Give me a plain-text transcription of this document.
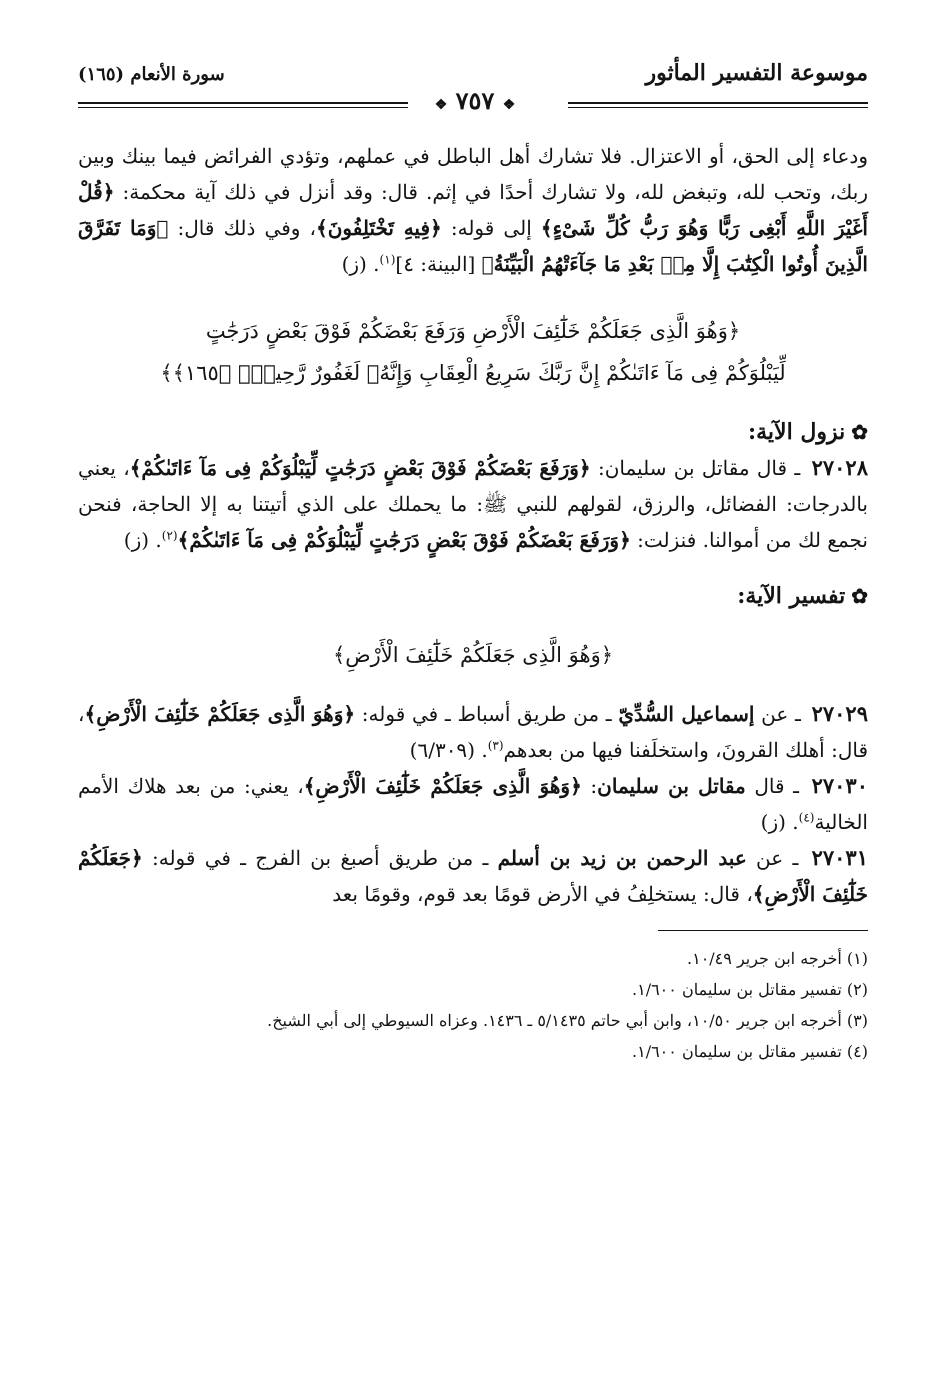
موسوعة التفسير المأثور
سورة الأنعام (١٦٥)
❖ ٧٥٧ ❖

ودعاء إلى الحق، أو الاعتزال. فلا تشارك أهل الباطل في عملهم، وتؤدي الفرائض فيما بينك وبين ربك، وتحب لله، وتبغض لله، ولا تشارك أحدًا في إثم. قال: وقد أنزل في ذلك آية محكمة: ﴿قُلْ أَغَيْرَ اللَّهِ أَبْغِى رَبًّا وَهُوَ رَبُّ كُلِّ شَىْءٍ﴾ إلى قوله: ﴿فِيهِ تَخْتَلِفُونَ﴾، وفي ذلك قال: ﴿وَمَا تَفَرَّقَ الَّذِينَ أُوتُوا الْكِتَٰبَ إِلَّا مِنۢ بَعْدِ مَا جَآءَتْهُمُ الْبَيِّنَةُ﴾ [البينة: ٤]$^{(١)}$. (ز)

﴿وَهُوَ الَّذِى جَعَلَكُمْ خَلَٰٓئِفَ الْأَرْضِ وَرَفَعَ بَعْضَكُمْ فَوْقَ بَعْضٍ دَرَجَٰتٍ
لِّيَبْلُوَكُمْ فِى مَآ ءَاتَىٰكُمْ إِنَّ رَبَّكَ سَرِيعُ الْعِقَابِ وَإِنَّهُۥ لَغَفُورٌ رَّحِيمٌۢ ﴿١٦٥﴾﴾
✿نزول الآية:

٢٧٠٢٨ ـ قال مقاتل بن سليمان: ﴿وَرَفَعَ بَعْضَكُمْ فَوْقَ بَعْضٍ دَرَجَٰتٍ لِّيَبْلُوَكُمْ فِى مَآ ءَاتَىٰكُمْ﴾، يعني بالدرجات: الفضائل، والرزق، لقولهم للنبي ﷺ: ما يحملك على الذي أتيتنا به إلا الحاجة، فنحن نجمع لك من أموالنا. فنزلت: ﴿وَرَفَعَ بَعْضَكُمْ فَوْقَ بَعْضٍ دَرَجَٰتٍ لِّيَبْلُوَكُمْ فِى مَآ ءَاتَىٰكُمْ﴾$^{(٢)}$. (ز)

✿تفسير الآية:
﴿وَهُوَ الَّذِى جَعَلَكُمْ خَلَٰٓئِفَ الْأَرْضِ﴾

٢٧٠٢٩ ـ عن إسماعيل السُّدِّيّ ـ من طريق أسباط ـ في قوله: ﴿وَهُوَ الَّذِى جَعَلَكُمْ خَلَٰٓئِفَ الْأَرْضِ﴾، قال: أهلك القرونَ، واستخلَفنا فيها من بعدهم$^{(٣)}$. (٦/٣٠٩)

٢٧٠٣٠ ـ قال مقاتل بن سليمان: ﴿وَهُوَ الَّذِى جَعَلَكُمْ خَلَٰٓئِفَ الْأَرْضِ﴾، يعني: من بعد هلاك الأمم الخالية$^{(٤)}$. (ز)

٢٧٠٣١ ـ عن عبد الرحمن بن زيد بن أسلم ـ من طريق أصبغ بن الفرج ـ في قوله: ﴿جَعَلَكُمْ خَلَٰٓئِفَ الْأَرْضِ﴾، قال: يستخلِفُ في الأرض قومًا بعد قوم، وقومًا بعد

(١) أخرجه ابن جرير ١٠/٤٩.

(٢) تفسير مقاتل بن سليمان ١/٦٠٠.

(٣) أخرجه ابن جرير ١٠/٥٠، وابن أبي حاتم ٥/١٤٣٥ ـ ١٤٣٦. وعزاه السيوطي إلى أبي الشيخ.

(٤) تفسير مقاتل بن سليمان ١/٦٠٠.
